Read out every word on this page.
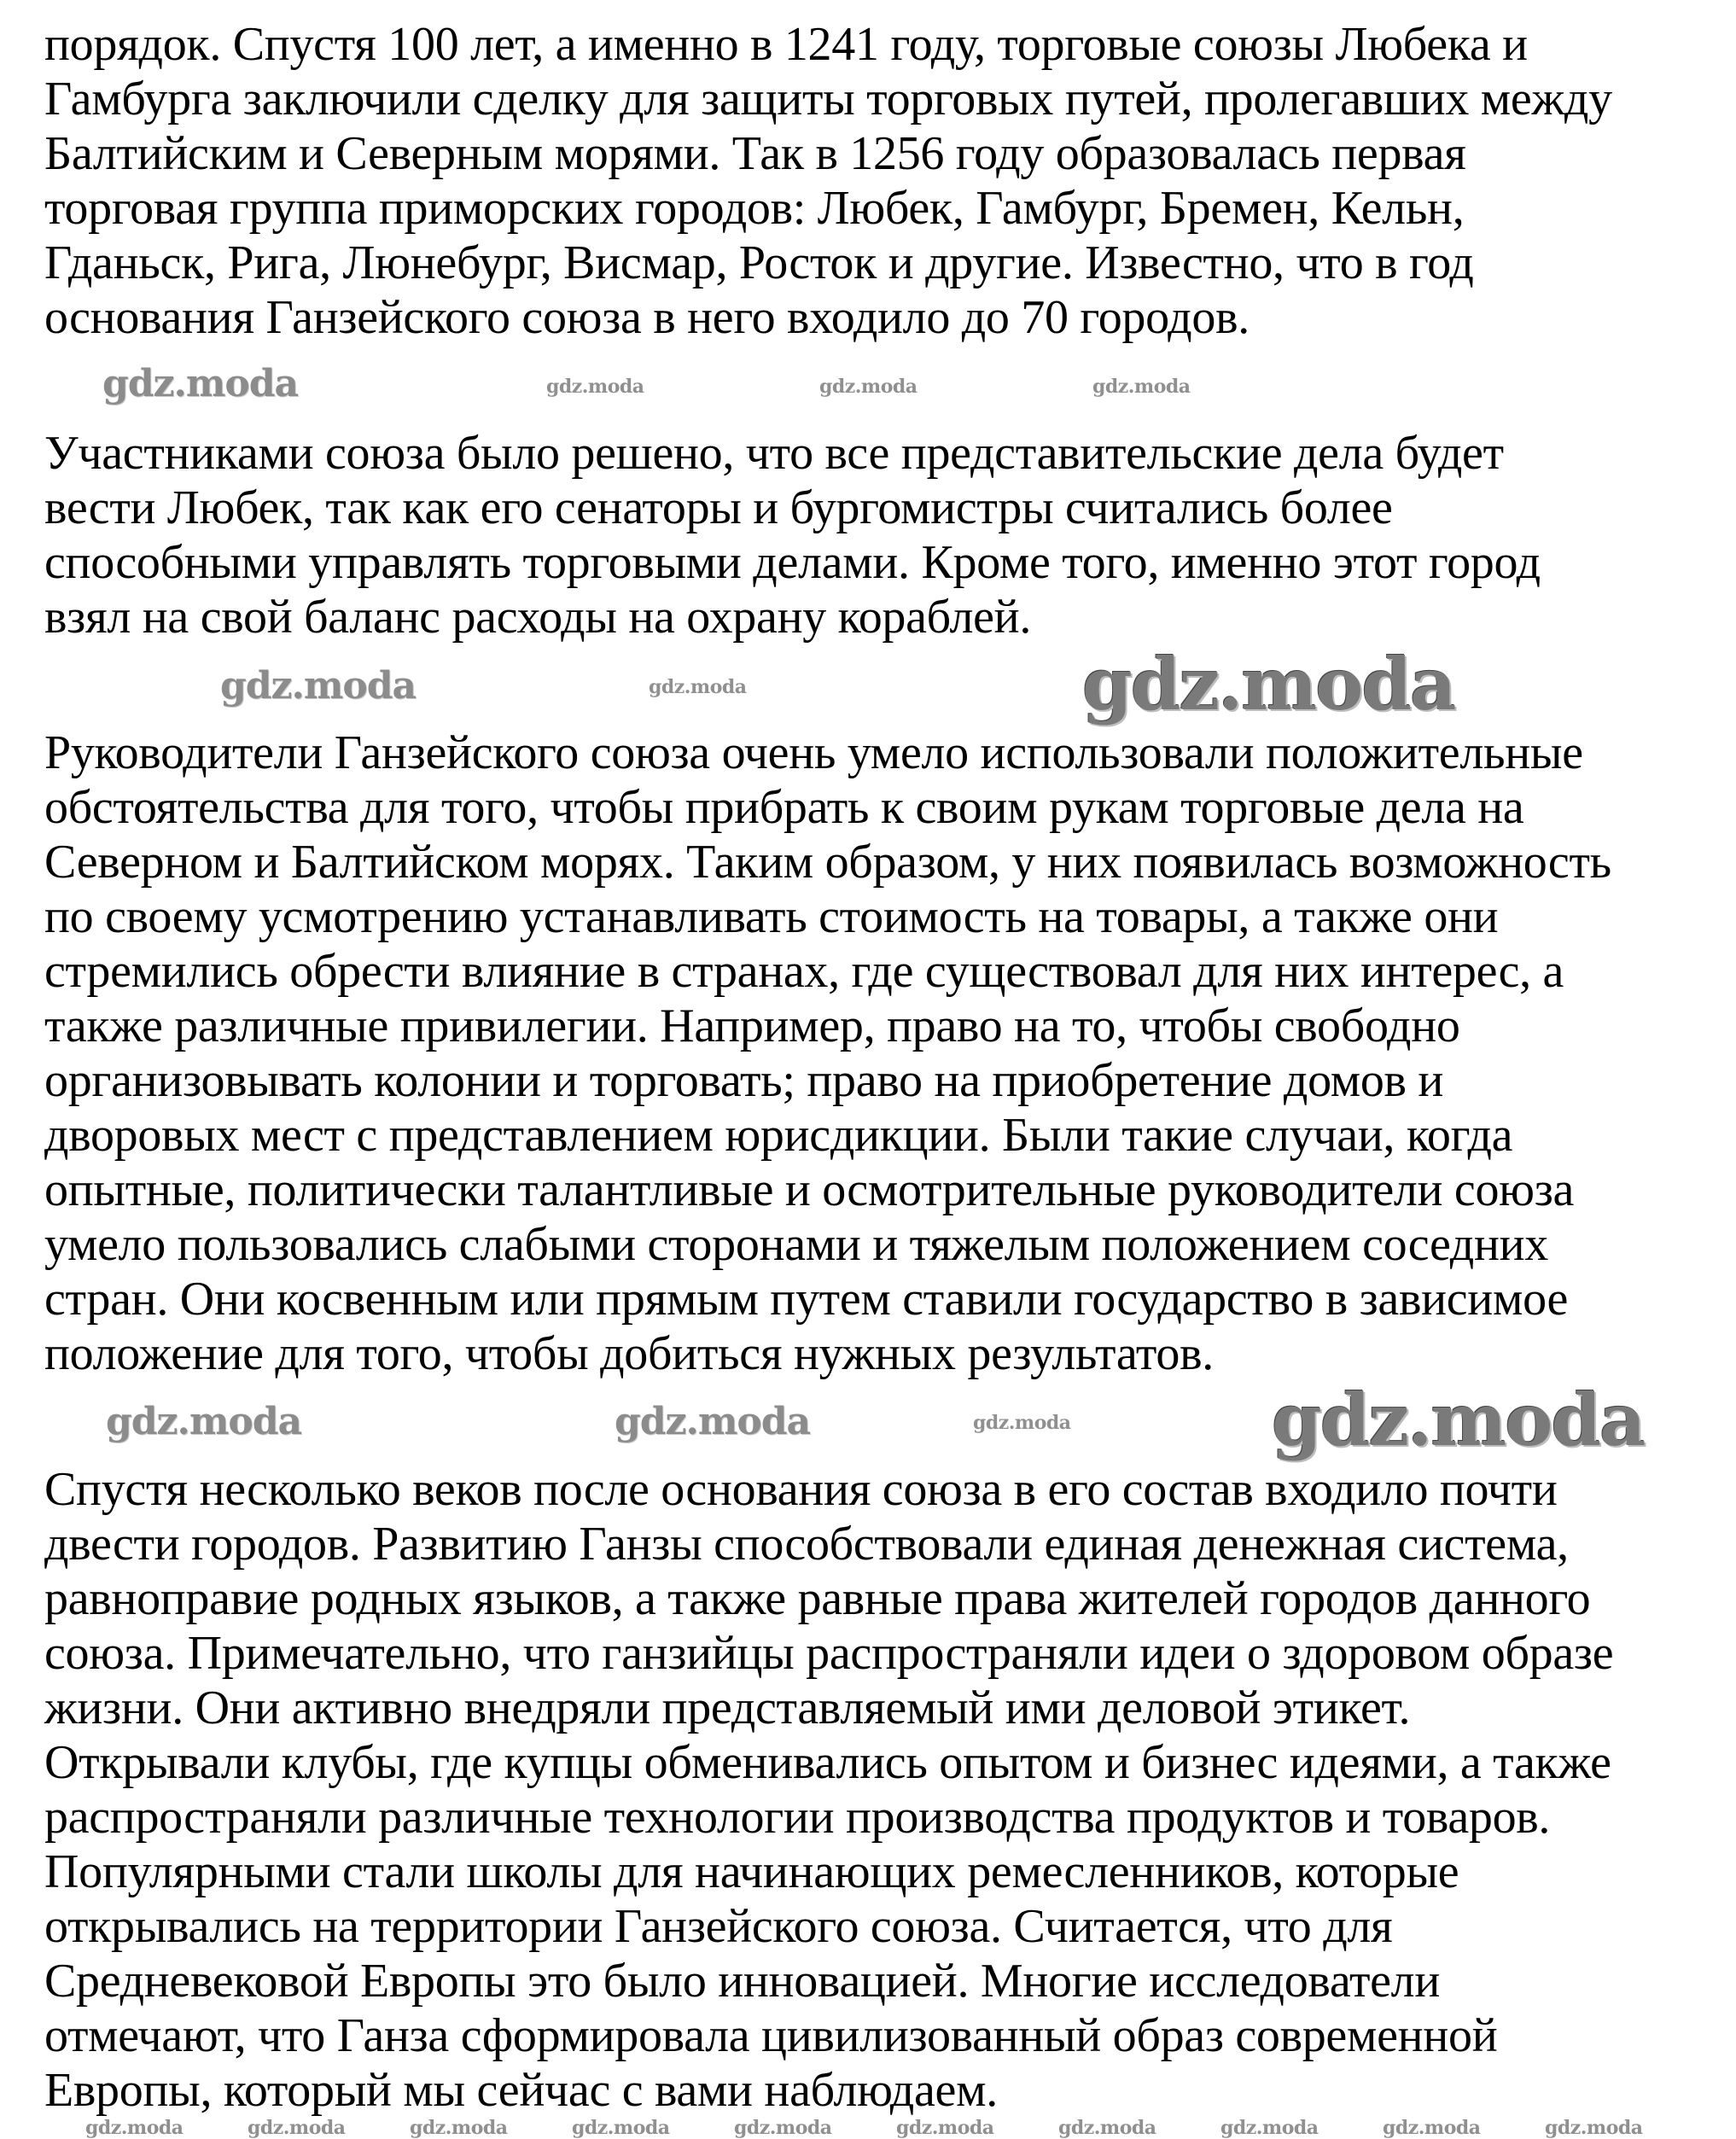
порядок. Спустя 100 лет, а именно в 1241 году, торговые союзы Любека и
Гамбурга заключили сделку для защиты торговых путей, пролегавших между
Балтийским и Северным морями. Так в 1256 году образовалась первая
торговая группа приморских городов: Любек, Гамбург, Бремен, Кельн,
Гданьск, Рига, Люнебург, Висмар, Росток и другие. Известно, что в год
основания Ганзейского союза в него входило до 70 городов.
Участниками союза было решено, что все представительские дела будет
вести Любек, так как его сенаторы и бургомистры считались более
способными управлять торговыми делами. Кроме того, именно этот город
взял на свой баланс расходы на охрану кораблей.
Руководители Ганзейского союза очень умело использовали положительные
обстоятельства для того, чтобы прибрать к своим рукам торговые дела на
Северном и Балтийском морях. Таким образом, у них появилась возможность
по своему усмотрению устанавливать стоимость на товары, а также они
стремились обрести влияние в странах, где существовал для них интерес, а
также различные привилегии. Например, право на то, чтобы свободно
организовывать колонии и торговать; право на приобретение домов и
дворовых мест с представлением юрисдикции. Были такие случаи, когда
опытные, политически талантливые и осмотрительные руководители союза
умело пользовались слабыми сторонами и тяжелым положением соседних
стран. Они косвенным или прямым путем ставили государство в зависимое
положение для того, чтобы добиться нужных результатов.
Спустя несколько веков после основания союза в его состав входило почти
двести городов. Развитию Ганзы способствовали единая денежная система,
равноправие родных языков, а также равные права жителей городов данного
союза. Примечательно, что ганзийцы распространяли идеи о здоровом образе
жизни. Они активно внедряли представляемый ими деловой этикет.
Открывали клубы, где купцы обменивались опытом и бизнес идеями, а также
распространяли различные технологии производства продуктов и товаров.
Популярными стали школы для начинающих ремесленников, которые
открывались на территории Ганзейского союза. Считается, что для
Средневековой Европы это было инновацией. Многие исследователи
отмечают, что Ганза сформировала цивилизованный образ современной
Европы, который мы сейчас с вами наблюдаем.
gdz.moda	gdz.moda	gdz.moda	gdz.moda
gdz.moda
gdz.moda	gdz.moda
gdz.moda
gdz.moda	gdz.moda	gdz.moda
gdz.moda	gdz.moda	gdz.moda	gdz.moda	gdz.moda	gdz.moda	gdz.moda	gdz.moda	gdz.moda	gdz.moda
